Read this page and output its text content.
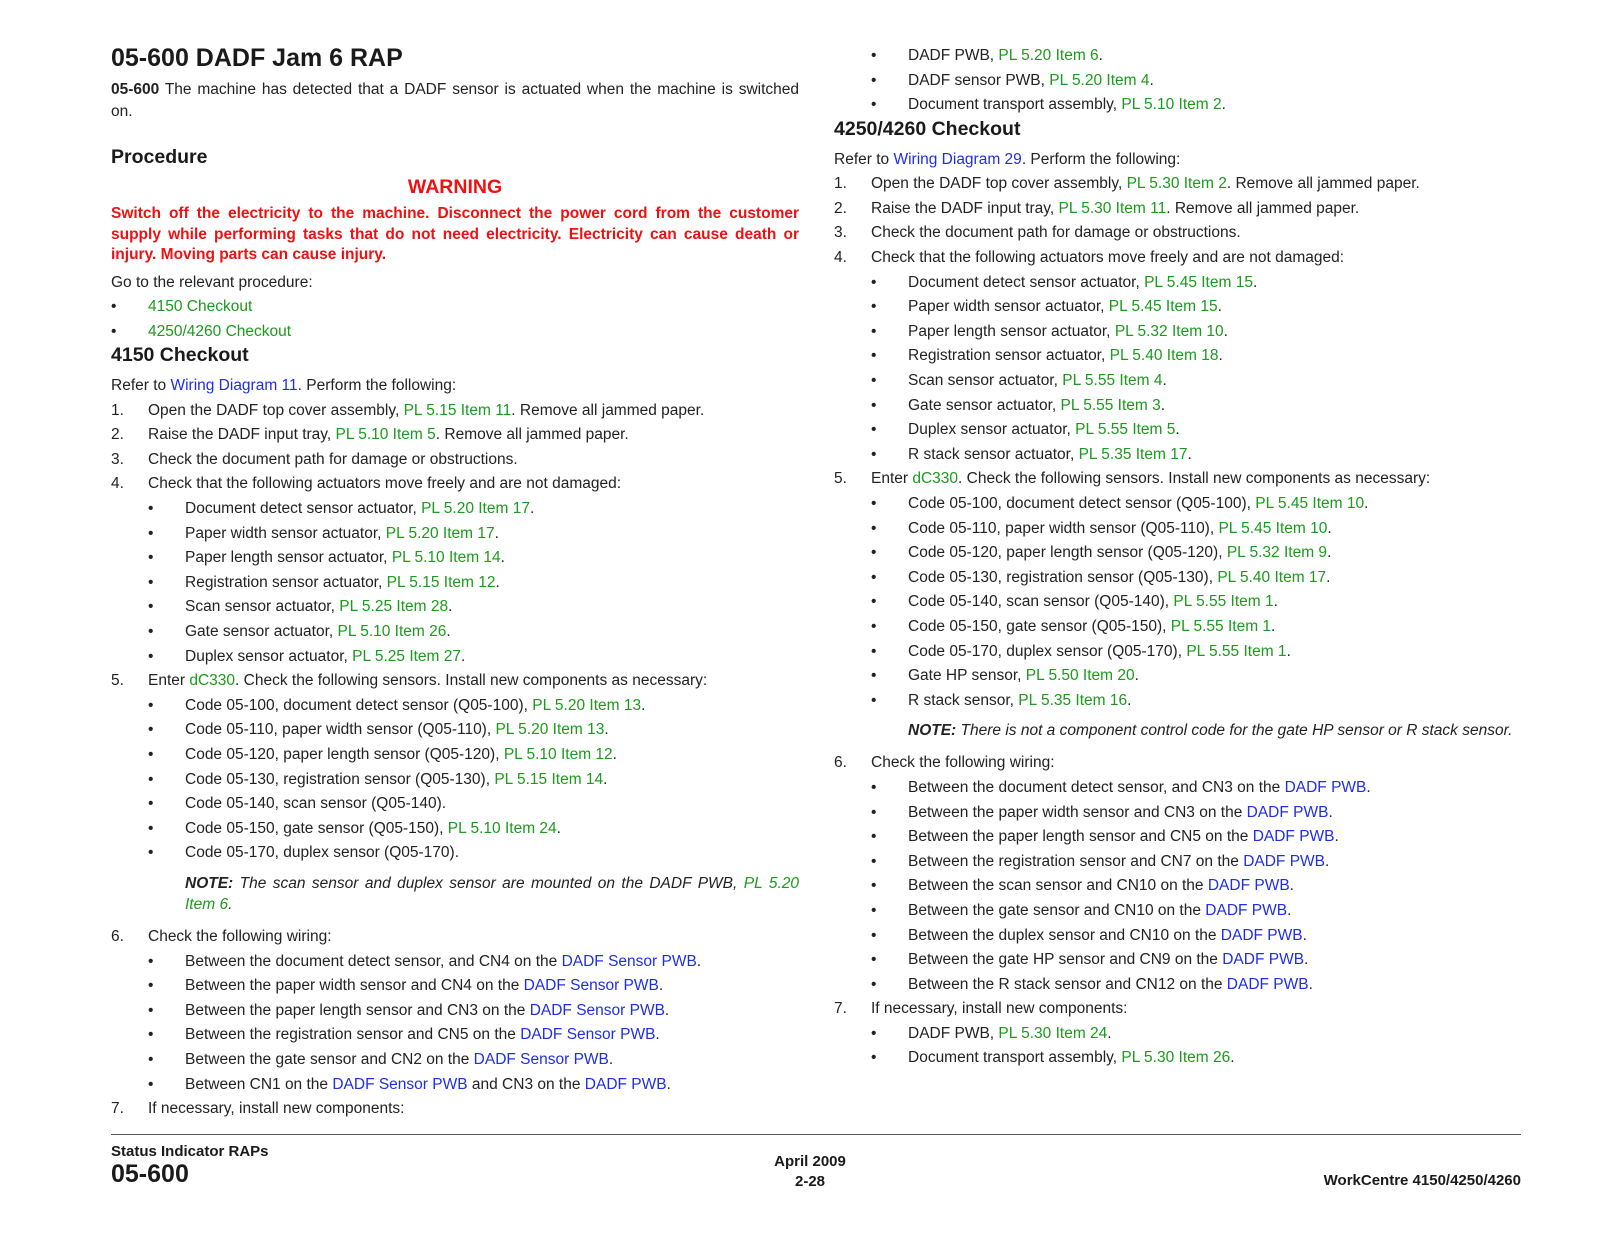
05-600 DADF Jam 6 RAP
05-600 The machine has detected that a DADF sensor is actuated when the machine is switched on.
Procedure
WARNING
Switch off the electricity to the machine. Disconnect the power cord from the customer supply while performing tasks that do not need electricity. Electricity can cause death or injury. Moving parts can cause injury.
Go to the relevant procedure:
• 4150 Checkout
• 4250/4260 Checkout
4150 Checkout
Refer to Wiring Diagram 11. Perform the following:
1. Open the DADF top cover assembly, PL 5.15 Item 11. Remove all jammed paper.
2. Raise the DADF input tray, PL 5.10 Item 5. Remove all jammed paper.
3. Check the document path for damage or obstructions.
4. Check that the following actuators move freely and are not damaged:
• Document detect sensor actuator, PL 5.20 Item 17.
• Paper width sensor actuator, PL 5.20 Item 17.
• Paper length sensor actuator, PL 5.10 Item 14.
• Registration sensor actuator, PL 5.15 Item 12.
• Scan sensor actuator, PL 5.25 Item 28.
• Gate sensor actuator, PL 5.10 Item 26.
• Duplex sensor actuator, PL 5.25 Item 27.
5. Enter dC330. Check the following sensors. Install new components as necessary:
• Code 05-100, document detect sensor (Q05-100), PL 5.20 Item 13.
• Code 05-110, paper width sensor (Q05-110), PL 5.20 Item 13.
• Code 05-120, paper length sensor (Q05-120), PL 5.10 Item 12.
• Code 05-130, registration sensor (Q05-130), PL 5.15 Item 14.
• Code 05-140, scan sensor (Q05-140).
• Code 05-150, gate sensor (Q05-150), PL 5.10 Item 24.
• Code 05-170, duplex sensor (Q05-170).
NOTE: The scan sensor and duplex sensor are mounted on the DADF PWB, PL 5.20 Item 6.
6. Check the following wiring:
• Between the document detect sensor, and CN4 on the DADF Sensor PWB.
• Between the paper width sensor and CN4 on the DADF Sensor PWB.
• Between the paper length sensor and CN3 on the DADF Sensor PWB.
• Between the registration sensor and CN5 on the DADF Sensor PWB.
• Between the gate sensor and CN2 on the DADF Sensor PWB.
• Between CN1 on the DADF Sensor PWB and CN3 on the DADF PWB.
7. If necessary, install new components:
• DADF PWB, PL 5.20 Item 6.
• DADF sensor PWB, PL 5.20 Item 4.
• Document transport assembly, PL 5.10 Item 2.
4250/4260 Checkout
Refer to Wiring Diagram 29. Perform the following:
1. Open the DADF top cover assembly, PL 5.30 Item 2. Remove all jammed paper.
2. Raise the DADF input tray, PL 5.30 Item 11. Remove all jammed paper.
3. Check the document path for damage or obstructions.
4. Check that the following actuators move freely and are not damaged:
• Document detect sensor actuator, PL 5.45 Item 15.
• Paper width sensor actuator, PL 5.45 Item 15.
• Paper length sensor actuator, PL 5.32 Item 10.
• Registration sensor actuator, PL 5.40 Item 18.
• Scan sensor actuator, PL 5.55 Item 4.
• Gate sensor actuator, PL 5.55 Item 3.
• Duplex sensor actuator, PL 5.55 Item 5.
• R stack sensor actuator, PL 5.35 Item 17.
5. Enter dC330. Check the following sensors. Install new components as necessary:
• Code 05-100, document detect sensor (Q05-100), PL 5.45 Item 10.
• Code 05-110, paper width sensor (Q05-110), PL 5.45 Item 10.
• Code 05-120, paper length sensor (Q05-120), PL 5.32 Item 9.
• Code 05-130, registration sensor (Q05-130), PL 5.40 Item 17.
• Code 05-140, scan sensor (Q05-140), PL 5.55 Item 1.
• Code 05-150, gate sensor (Q05-150), PL 5.55 Item 1.
• Code 05-170, duplex sensor (Q05-170), PL 5.55 Item 1.
• Gate HP sensor, PL 5.50 Item 20.
• R stack sensor, PL 5.35 Item 16.
NOTE: There is not a component control code for the gate HP sensor or R stack sensor.
6. Check the following wiring:
• Between the document detect sensor, and CN3 on the DADF PWB.
• Between the paper width sensor and CN3 on the DADF PWB.
• Between the paper length sensor and CN5 on the DADF PWB.
• Between the registration sensor and CN7 on the DADF PWB.
• Between the scan sensor and CN10 on the DADF PWB.
• Between the gate sensor and CN10 on the DADF PWB.
• Between the duplex sensor and CN10 on the DADF PWB.
• Between the gate HP sensor and CN9 on the DADF PWB.
• Between the R stack sensor and CN12 on the DADF PWB.
7. If necessary, install new components:
• DADF PWB, PL 5.30 Item 24.
• Document transport assembly, PL 5.30 Item 26.
Status Indicator RAPs
05-600	April 2009
2-28	WorkCentre 4150/4250/4260
